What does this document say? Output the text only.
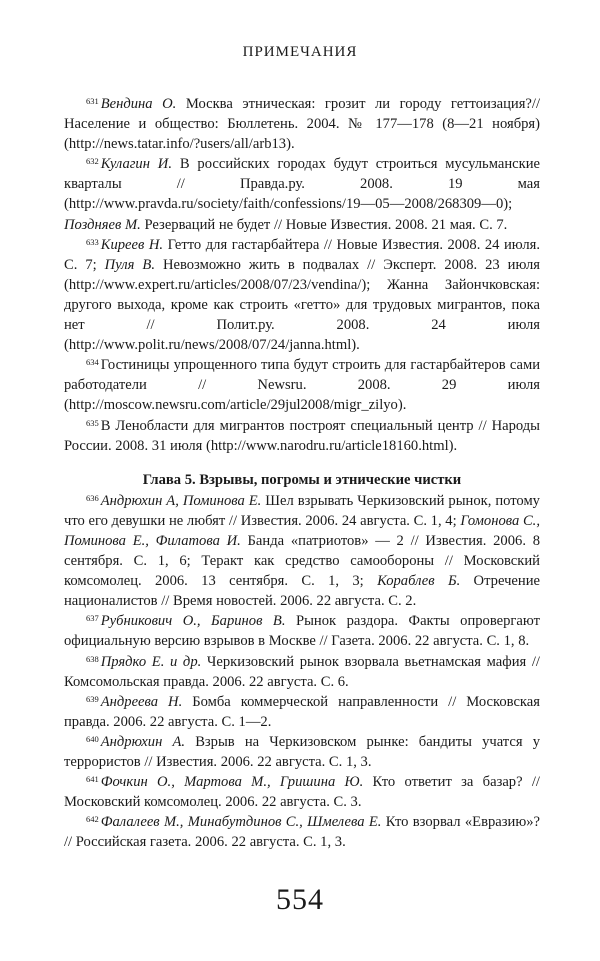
ПРИМЕЧАНИЯ

$^{631}$ Вендина О. Москва этническая: грозит ли городу геттоизация?// Население и общество: Бюллетень. 2004. № 177—178 (8—21 ноября) (http://news.tatar.info/?users/all/arb13).

$^{632}$ Кулагин И. В российских городах будут строиться мусульманские кварталы // Правда.ру. 2008. 19 мая (http://www.pravda.ru/society/faith/confessions/19—05—2008/268309—0); Поздняев М. Резерваций не будет // Новые Известия. 2008. 21 мая. С. 7.

$^{633}$ Киреев Н. Гетто для гастарбайтера // Новые Известия. 2008. 24 июля. С. 7; Пуля В. Невозможно жить в подвалах // Эксперт. 2008. 23 июля (http://www.expert.ru/articles/2008/07/23/vendina/); Жанна Зайончковская: другого выхода, кроме как строить «гетто» для трудовых мигрантов, пока нет // Полит.ру. 2008. 24 июля (http://www.polit.ru/news/2008/07/24/janna.html).

$^{634}$ Гостиницы упрощенного типа будут строить для гастарбайтеров сами работодатели // Newsru. 2008. 29 июля (http://moscow.newsru.com/article/29jul2008/migr_zilyo).

$^{635}$ В Ленобласти для мигрантов построят специальный центр // Народы России. 2008. 31 июля (http://www.narodru.ru/article18160.html).

Глава 5. Взрывы, погромы и этнические чистки

$^{636}$ Андрюхин А, Поминова Е. Шел взрывать Черкизовский рынок, потому что его девушки не любят // Известия. 2006. 24 августа. С. 1, 4; Гомонова С., Поминова Е., Филатова И. Банда «патриотов» — 2 // Известия. 2006. 8 сентября. С. 1, 6; Теракт как средство самообороны // Московский комсомолец. 2006. 13 сентября. С. 1, 3; Кораблев Б. Отречение националистов // Время новостей. 2006. 22 августа. С. 2.

$^{637}$ Рубникович О., Баринов В. Рынок раздора. Факты опровергают официальную версию взрывов в Москве // Газета. 2006. 22 августа. С. 1, 8.

$^{638}$ Прядко Е. и др. Черкизовский рынок взорвала вьетнамская мафия // Комсомольская правда. 2006. 22 августа. С. 6.

$^{639}$ Андреева Н. Бомба коммерческой направленности // Московская правда. 2006. 22 августа. С. 1—2.

$^{640}$ Андрюхин А. Взрыв на Черкизовском рынке: бандиты учатся у террористов // Известия. 2006. 22 августа. С. 1, 3.

$^{641}$ Фочкин О., Мартова М., Гришина Ю. Кто ответит за базар? // Московский комсомолец. 2006. 22 августа. С. 3.

$^{642}$ Фалалеев М., Минабутдинов С., Шмелева Е. Кто взорвал «Евразию»? // Российская газета. 2006. 22 августа. С. 1, 3.

554
